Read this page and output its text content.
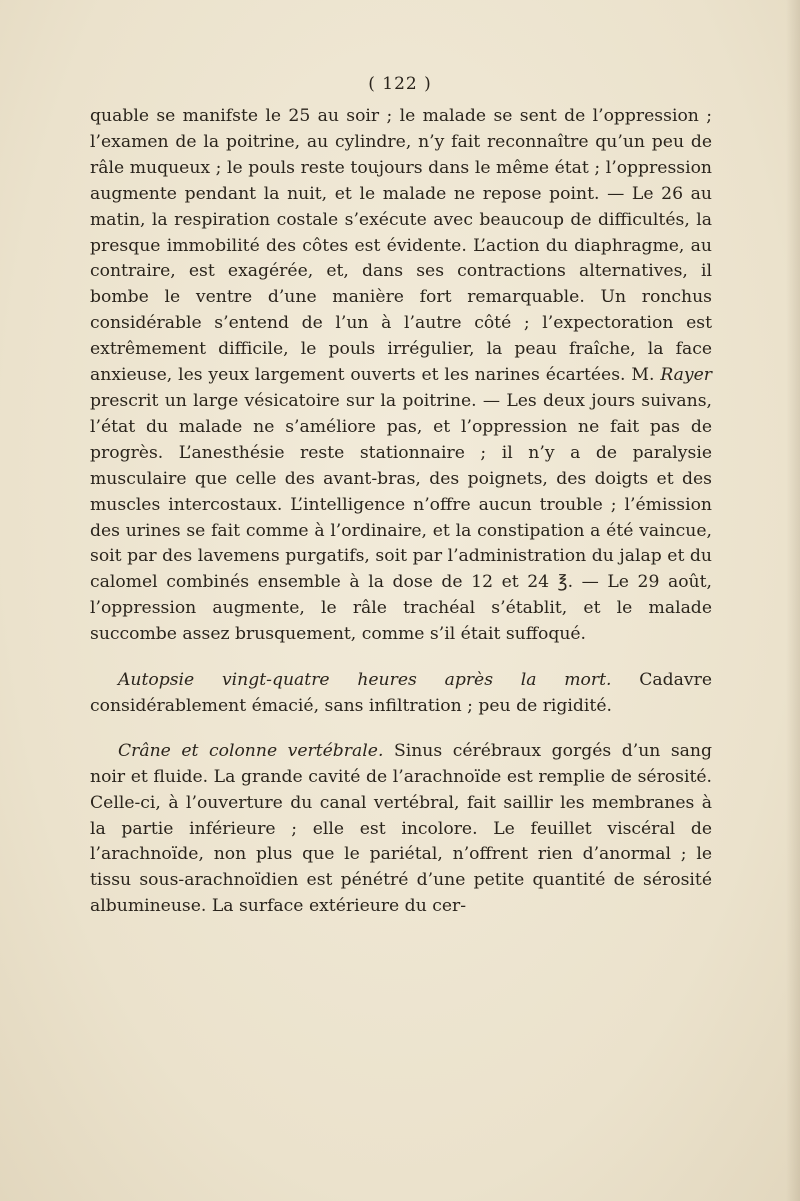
( 122 )

quable se manifste le 25 au soir ; le malade se sent de l’oppression ; l’examen de la poitrine, au cylindre, n’y fait reconnaître qu’un peu de râle muqueux ; le pouls reste toujours dans le même état ; l’oppression augmente pendant la nuit, et le malade ne repose point. — Le 26 au matin, la respiration costale s’exécute avec beaucoup de difficultés, la presque immobilité des côtes est évidente. L’action du diaphragme, au contraire, est exagérée, et, dans ses contractions alternatives, il bombe le ventre d’une manière fort remarquable. Un ronchus considérable s’entend de l’un à l’autre côté ; l’expectoration est extrêmement difficile, le pouls irrégulier, la peau fraîche, la face anxieuse, les yeux largement ouverts et les narines écartées. M. Rayer prescrit un large vésicatoire sur la poitrine. — Les deux jours suivans, l’état du malade ne s’améliore pas, et l’oppression ne fait pas de progrès. L’anesthésie reste stationnaire ; il n’y a de paralysie musculaire que celle des avant-bras, des poignets, des doigts et des muscles intercostaux. L’intelligence n’offre aucun trouble ; l’émission des urines se fait comme à l’ordinaire, et la constipation a été vaincue, soit par des lavemens purgatifs, soit par l’administration du jalap et du calomel combinés ensemble à la dose de 12 et 24 ℥. — Le 29 août, l’oppression augmente, le râle trachéal s’établit, et le malade succombe assez brusquement, comme s’il était suffoqué.

Autopsie vingt-quatre heures après la mort. Cadavre considérablement émacié, sans infiltration ; peu de rigidité.

Crâne et colonne vertébrale. Sinus cérébraux gorgés d’un sang noir et fluide. La grande cavité de l’arachnoïde est remplie de sérosité. Celle-ci, à l’ouverture du canal vertébral, fait saillir les membranes à la partie inférieure ; elle est incolore. Le feuillet viscéral de l’arachnoïde, non plus que le pariétal, n’offrent rien d’anormal ; le tissu sous-arachnoïdien est pénétré d’une petite quantité de sérosité albumineuse. La surface extérieure du cer-
